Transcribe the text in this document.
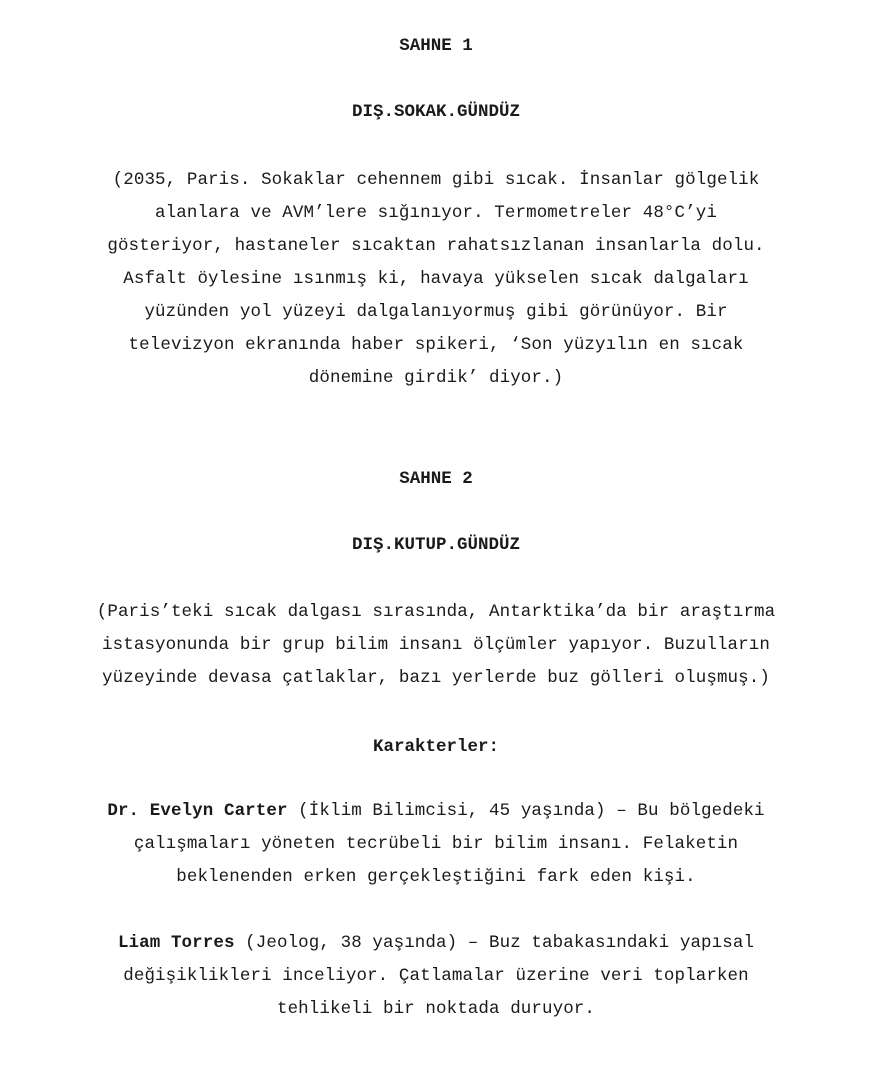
SAHNE 1
DIŞ.SOKAK.GÜNDÜZ
(2035, Paris. Sokaklar cehennem gibi sıcak. İnsanlar gölgelik
alanlara ve AVM’lere sığınıyor. Termometreler 48°C’yi
gösteriyor, hastaneler sıcaktan rahatsızlanan insanlarla dolu.
Asfalt öylesine ısınmış ki, havaya yükselen sıcak dalgaları
yüzünden yol yüzeyi dalgalanıyormuş gibi görünüyor. Bir
televizyon ekranında haber spikeri, ‘Son yüzyılın en sıcak
dönemine girdik’ diyor.)
SAHNE 2
DIŞ.KUTUP.GÜNDÜZ
(Paris’teki sıcak dalgası sırasında, Antarktika’da bir araştırma
istasyonunda bir grup bilim insanı ölçümler yapıyor. Buzulların
yüzeyinde devasa çatlaklar, bazı yerlerde buz gölleri oluşmuş.)
Karakterler:
Dr. Evelyn Carter (İklim Bilimcisi, 45 yaşında) – Bu bölgedeki
çalışmaları yöneten tecrübeli bir bilim insanı. Felaketin
beklenenden erken gerçekleştiğini fark eden kişi.
Liam Torres (Jeolog, 38 yaşında) – Buz tabakasındaki yapısal
değişiklikleri inceliyor. Çatlamalar üzerine veri toplarken
tehlikeli bir noktada duruyor.
